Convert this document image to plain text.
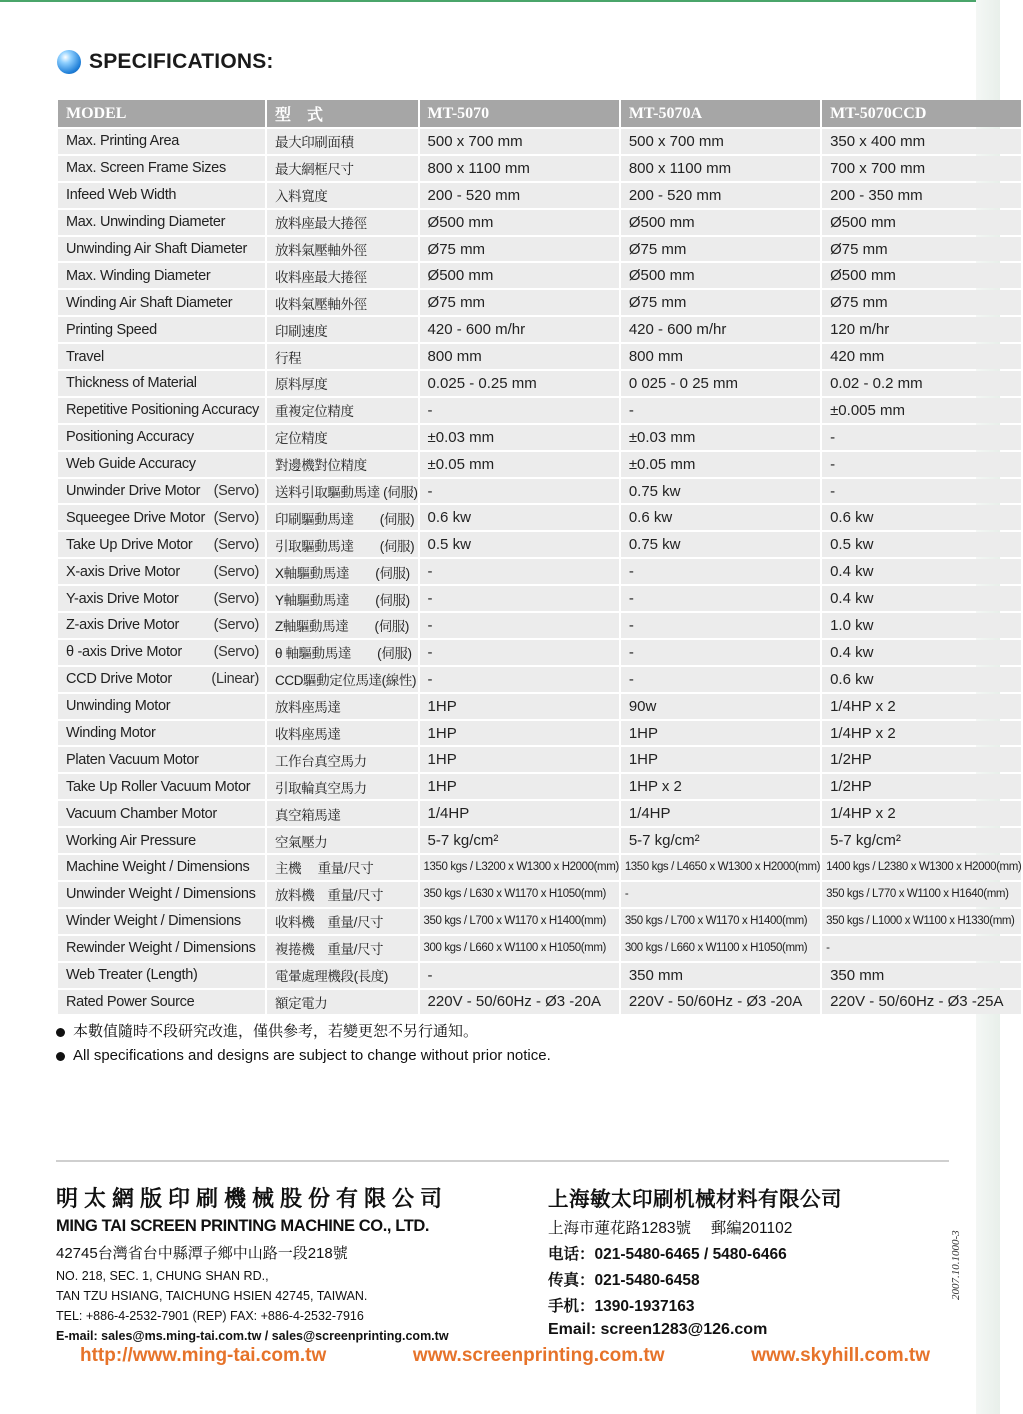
SPECIFICATIONS:
MODEL	型　式	MT-5070	MT-5070A	MT-5070CCD

Max. Printing Area	最大印刷面積	500 x 700 mm	500 x 700 mm	350 x 400 mm

Max. Screen Frame Sizes	最大網框尺寸	800 x 1100 mm	800 x 1100 mm	700 x 700 mm

Infeed Web Width	入料寬度	200 - 520 mm	200 - 520 mm	200 - 350 mm

Max. Unwinding Diameter	放料座最大捲徑	Ø500 mm	Ø500 mm	Ø500 mm

Unwinding Air Shaft Diameter	放料氣壓軸外徑	Ø75 mm	Ø75 mm	Ø75 mm

Max. Winding Diameter	收料座最大捲徑	Ø500 mm	Ø500 mm	Ø500 mm

Winding Air Shaft Diameter	收料氣壓軸外徑	Ø75 mm	Ø75 mm	Ø75 mm

Printing Speed	印刷速度	420 - 600 m/hr	420 - 600 m/hr	120 m/hr

Travel	行程	800 mm	800 mm	420 mm

Thickness of Material	原料厚度	0.025 - 0.25 mm	0 025 - 0 25 mm	0.02 - 0.2 mm

Repetitive Positioning Accuracy	重複定位精度	-	-	±0.005 mm

Positioning Accuracy	定位精度	±0.03 mm	±0.03 mm	-

Web Guide Accuracy	對邊機對位精度	±0.05 mm	±0.05 mm	-

Unwinder Drive Motor (Servo)	送料引取驅動馬達 (伺服)	-	0.75 kw	-

Squeegee Drive Motor (Servo)	印刷驅動馬達　　(伺服)	0.6 kw	0.6 kw	0.6 kw

Take Up Drive Motor (Servo)	引取驅動馬達　　(伺服)	0.5 kw	0.75 kw	0.5 kw

X-axis Drive Motor (Servo)	X軸驅動馬達　　(伺服)	-	-	0.4 kw

Y-axis Drive Motor (Servo)	Y軸驅動馬達　　(伺服)	-	-	0.4 kw

Z-axis Drive Motor (Servo)	Z軸驅動馬達　　(伺服)	-	-	1.0 kw

θ -axis Drive Motor (Servo)	θ 軸驅動馬達　　(伺服)	-	-	0.4 kw

CCD Drive Motor (Linear)	CCD驅動定位馬達(線性)	-	-	0.6 kw

Unwinding Motor	放料座馬達	1HP	90w	1/4HP x 2

Winding Motor	收料座馬達	1HP	1HP	1/4HP x 2

Platen Vacuum Motor	工作台真空馬力	1HP	1HP	1/2HP

Take Up Roller Vacuum Motor	引取輪真空馬力	1HP	1HP x 2	1/2HP

Vacuum Chamber Motor	真空箱馬達	1/4HP	1/4HP	1/4HP x 2

Working Air Pressure	空氣壓力	5-7 kg/cm²	5-7 kg/cm²	5-7 kg/cm²

Machine Weight / Dimensions	主機　 重量/尺寸	1350 kgs / L3200 x W1300 x H2000(mm)	1350 kgs / L4650 x W1300 x H2000(mm)	1400 kgs / L2380 x W1300 x H2000(mm)

Unwinder Weight / Dimensions	放料機　重量/尺寸	350 kgs / L630 x W1170 x H1050(mm)	-	350 kgs / L770 x W1100 x H1640(mm)

Winder Weight / Dimensions	收料機　重量/尺寸	350 kgs / L700 x W1170 x H1400(mm)	350 kgs / L700 x W1170 x H1400(mm)	350 kgs / L1000 x W1100 x H1330(mm)

Rewinder Weight / Dimensions	複捲機　重量/尺寸	300 kgs / L660 x W1100 x H1050(mm)	300 kgs / L660 x W1100 x H1050(mm)	-

Web Treater (Length)	電暈處理機段(長度)	-	350 mm	350 mm

Rated Power Source	額定電力	220V - 50/60Hz - Ø3 -20A	220V - 50/60Hz - Ø3 -20A	220V - 50/60Hz - Ø3 -25A
本數值隨時不段研究改進，僅供參考，若變更恕不另行通知。
All specifications and designs are subject to change without prior notice.
明太網版印刷機械股份有限公司
MING TAI SCREEN PRINTING MACHINE CO., LTD.
42745台灣省台中縣潭子鄉中山路一段218號
NO. 218, SEC. 1, CHUNG SHAN RD.,
TAN TZU HSIANG, TAICHUNG HSIEN 42745, TAIWAN.
TEL: +886-4-2532-7901 (REP) FAX: +886-4-2532-7916
E-mail: sales@ms.ming-tai.com.tw / sales@screenprinting.com.tw
上海敏太印刷机械材料有限公司
上海市蓮花路1283號　 郵編201102
电话：021-5480-6465 / 5480-6466
传真：021-5480-6458
手机：1390-1937163
Email: screen1283@126.com
http://www.ming-tai.com.tw	www.screenprinting.com.tw	www.skyhill.com.tw
2007.10.1000-3
